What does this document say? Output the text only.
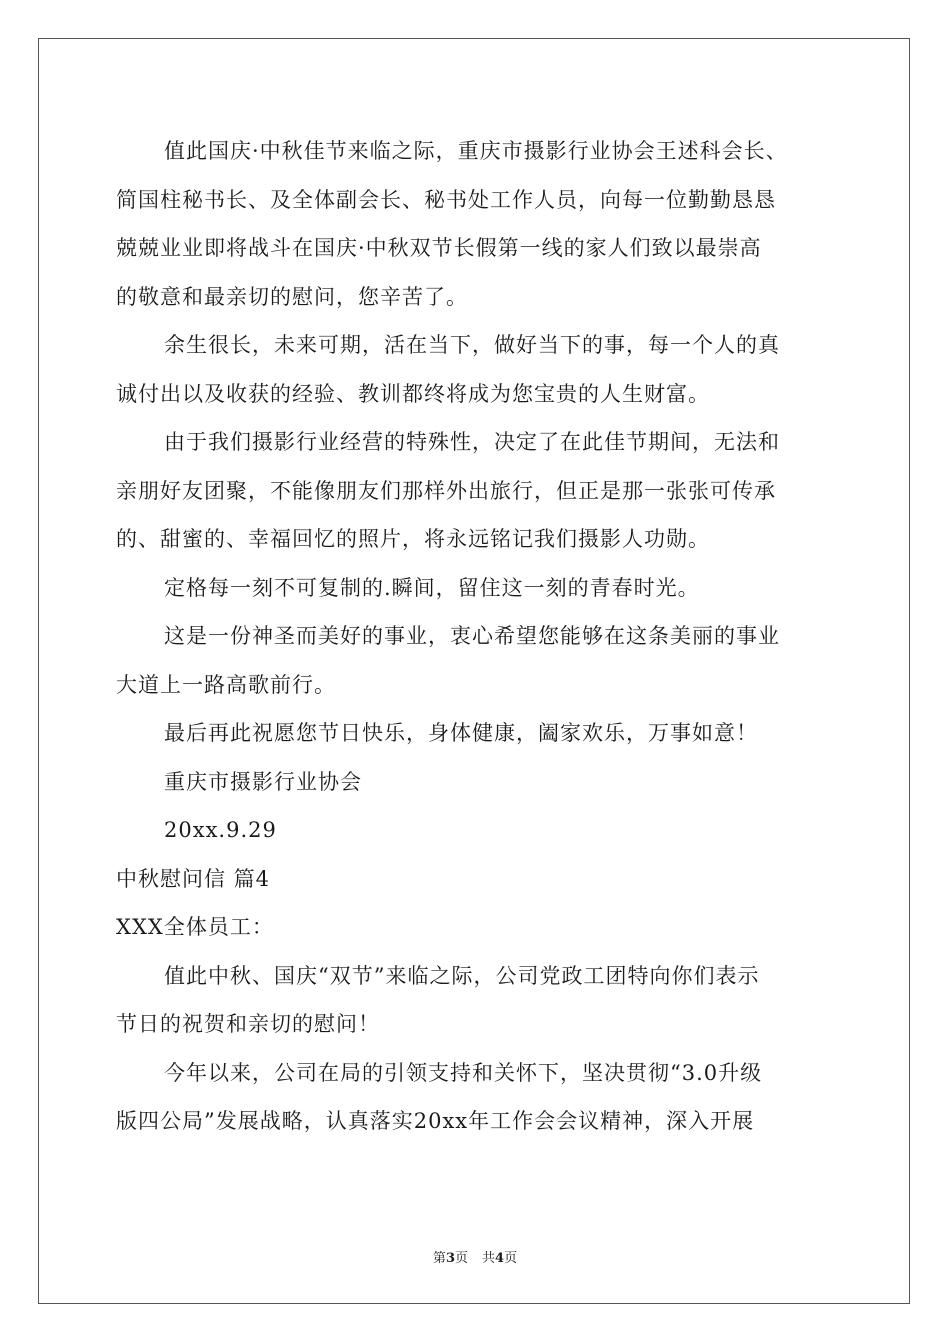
值此国庆·中秋佳节来临之际，重庆市摄影行业协会王述科会长、
简国柱秘书长、及全体副会长、秘书处工作人员，向每一位勤勤恳恳
兢兢业业即将战斗在国庆·中秋双节长假第一线的家人们致以最崇高
的敬意和最亲切的慰问，您辛苦了。
余生很长，未来可期，活在当下，做好当下的事，每一个人的真
诚付出以及收获的经验、教训都终将成为您宝贵的人生财富。
由于我们摄影行业经营的特殊性，决定了在此佳节期间，无法和
亲朋好友团聚，不能像朋友们那样外出旅行，但正是那一张张可传承
的、甜蜜的、幸福回忆的照片，将永远铭记我们摄影人功勋。
定格每一刻不可复制的.瞬间，留住这一刻的青春时光。
这是一份神圣而美好的事业，衷心希望您能够在这条美丽的事业
大道上一路高歌前行。
最后再此祝愿您节日快乐，身体健康，阖家欢乐，万事如意！
重庆市摄影行业协会
20xx.9.29
中秋慰问信 篇4
XXX全体员工：
值此中秋、国庆“双节”来临之际，公司党政工团特向你们表示
节日的祝贺和亲切的慰问！
今年以来，公司在局的引领支持和关怀下，坚决贯彻“3.0升级
版四公局”发展战略，认真落实20xx年工作会会议精神，深入开展
第3页 共4页
